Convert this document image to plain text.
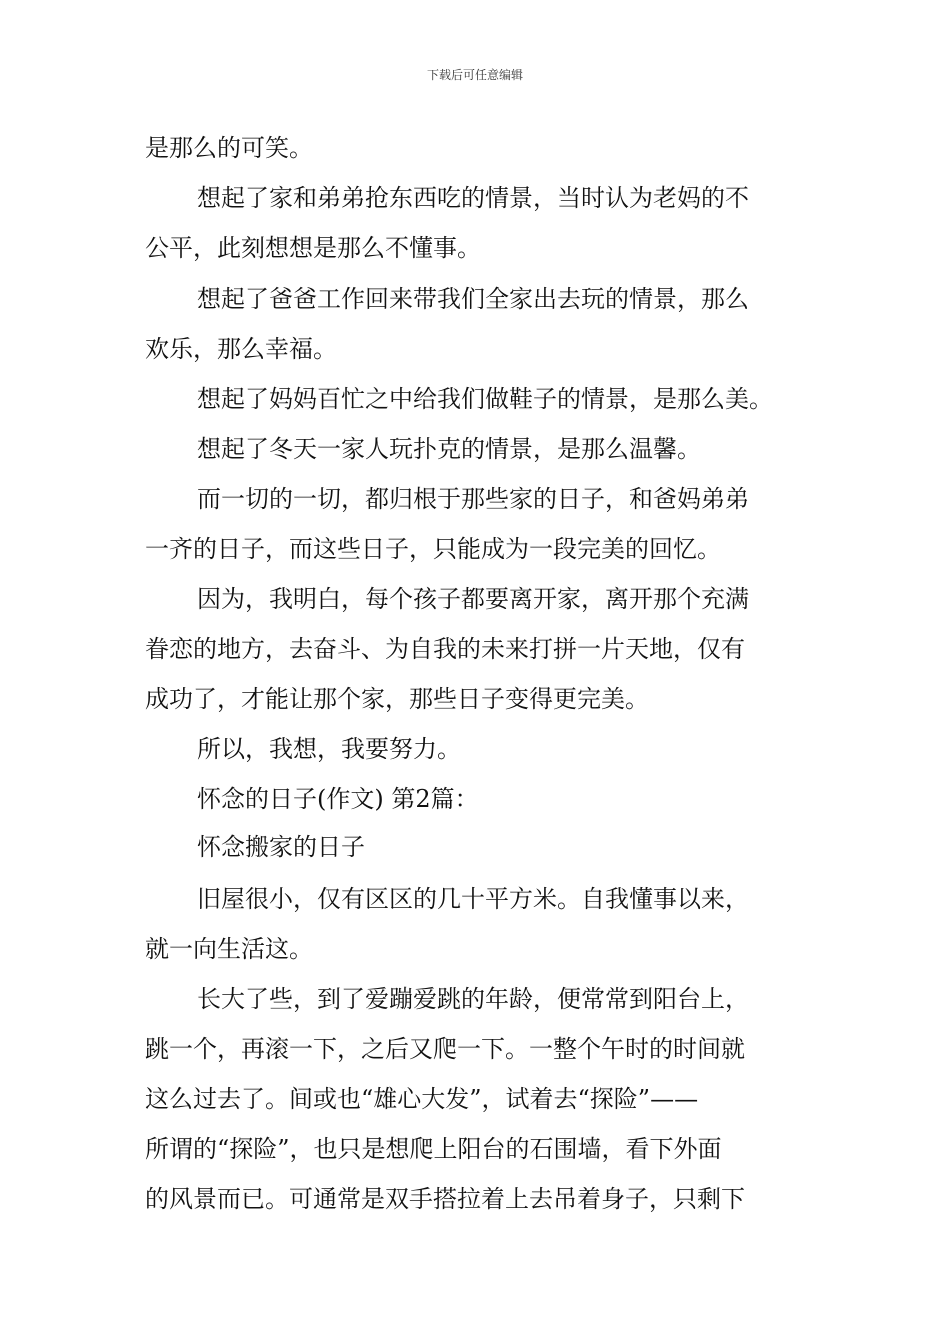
下载后可任意编辑
是那么的可笑。
想起了家和弟弟抢东西吃的情景，当时认为老妈的不
公平，此刻想想是那么不懂事。
想起了爸爸工作回来带我们全家出去玩的情景，那么
欢乐，那么幸福。
想起了妈妈百忙之中给我们做鞋子的情景，是那么美。
想起了冬天一家人玩扑克的情景，是那么温馨。
而一切的一切，都归根于那些家的日子，和爸妈弟弟
一齐的日子，而这些日子，只能成为一段完美的回忆。
因为，我明白，每个孩子都要离开家，离开那个充满
眷恋的地方，去奋斗、为自我的未来打拼一片天地，仅有
成功了，才能让那个家，那些日子变得更完美。
所以，我想，我要努力。
怀念的日子(作文) 第2篇：
怀念搬家的日子
旧屋很小，仅有区区的几十平方米。自我懂事以来，
就一向生活这。
长大了些，到了爱蹦爱跳的年龄，便常常到阳台上，
跳一个，再滚一下，之后又爬一下。一整个午时的时间就
这么过去了。间或也“雄心大发”，试着去“探险”——
所谓的“探险”，也只是想爬上阳台的石围墙，看下外面
的风景而已。可通常是双手搭拉着上去吊着身子，只剩下
